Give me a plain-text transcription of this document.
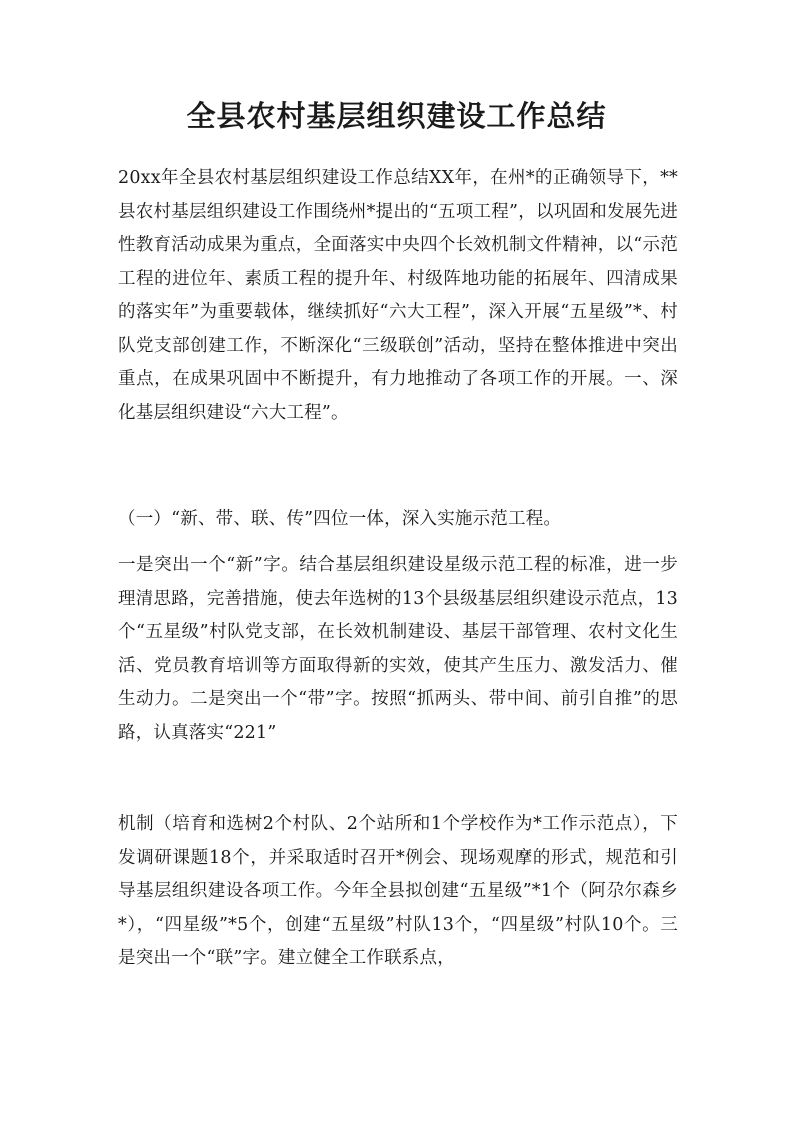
全县农村基层组织建设工作总结

20xx年全县农村基层组织建设工作总结XX年，在州*的正确领导下，**县农村基层组织建设工作围绕州*提出的“五项工程”，以巩固和发展先进性教育活动成果为重点，全面落实中央四个长效机制文件精神，以“示范工程的进位年、素质工程的提升年、村级阵地功能的拓展年、四清成果的落实年”为重要载体，继续抓好“六大工程”，深入开展“五星级”*、村队党支部创建工作，不断深化“三级联创”活动，坚持在整体推进中突出重点，在成果巩固中不断提升，有力地推动了各项工作的开展。一、深化基层组织建设“六大工程”。

（一）“新、带、联、传”四位一体，深入实施示范工程。

一是突出一个“新”字。结合基层组织建设星级示范工程的标准，进一步理清思路，完善措施，使去年选树的13个县级基层组织建设示范点，13个“五星级”村队党支部，在长效机制建设、基层干部管理、农村文化生活、党员教育培训等方面取得新的实效，使其产生压力、激发活力、催生动力。二是突出一个“带”字。按照“抓两头、带中间、前引自推”的思路，认真落实“221”

机制（培育和选树2个村队、2个站所和1个学校作为*工作示范点），下发调研课题18个，并采取适时召开*例会、现场观摩的形式，规范和引导基层组织建设各项工作。今年全县拟创建“五星级”*1个（阿尕尔森乡*），“四星级”*5个，创建“五星级”村队13个，“四星级”村队10个。三是突出一个“联”字。建立健全工作联系点，
